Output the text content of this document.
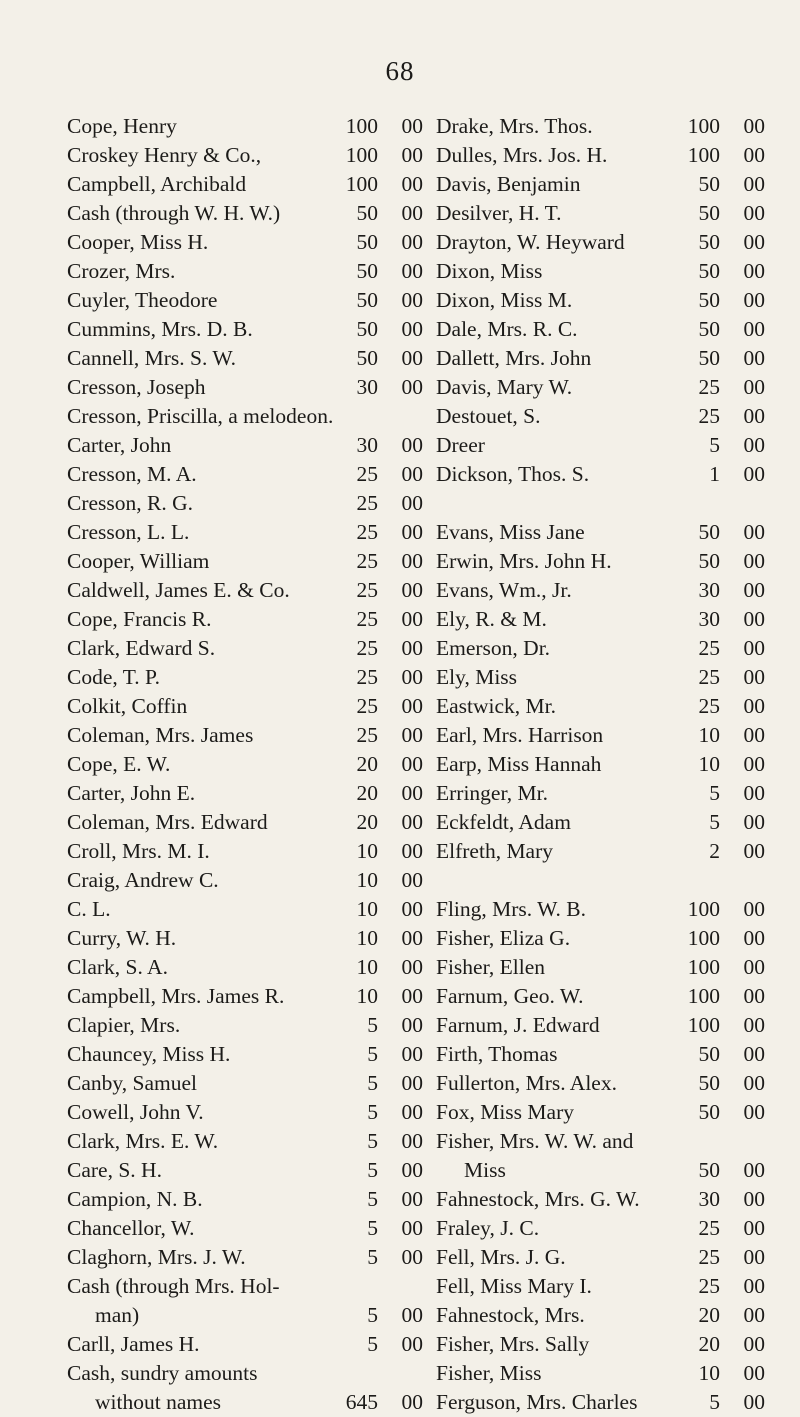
68
Cope, Henry	100	00
Croskey Henry & Co.,	100	00
Campbell, Archibald	100	00
Cash (through W. H. W.)	50	00
Cooper, Miss H.	50	00
Crozer, Mrs.	50	00
Cuyler, Theodore	50	00
Cummins, Mrs. D. B.	50	00
Cannell, Mrs. S. W.	50	00
Cresson, Joseph	30	00
Cresson, Priscilla, a melodeon.
Carter, John	30	00
Cresson, M. A.	25	00
Cresson, R. G.	25	00
Cresson, L. L.	25	00
Cooper, William	25	00
Caldwell, James E. & Co.	25	00
Cope, Francis R.	25	00
Clark, Edward S.	25	00
Code, T. P.	25	00
Colkit, Coffin	25	00
Coleman, Mrs. James	25	00
Cope, E. W.	20	00
Carter, John E.	20	00
Coleman, Mrs. Edward	20	00
Croll, Mrs. M. I.	10	00
Craig, Andrew C.	10	00
C. L.	10	00
Curry, W. H.	10	00
Clark, S. A.	10	00
Campbell, Mrs. James R.	10	00
Clapier, Mrs.	5	00
Chauncey, Miss H.	5	00
Canby, Samuel	5	00
Cowell, John V.	5	00
Clark, Mrs. E. W.	5	00
Care, S. H.	5	00
Campion, N. B.	5	00
Chancellor, W.	5	00
Claghorn, Mrs. J. W.	5	00
Cash (through Mrs. Hol-
man)	5	00
Carll, James H.	5	00
Cash, sundry amounts
without names	645	00
Drake, Mrs. Thos.	100	00
Dulles, Mrs. Jos. H.	100	00
Davis, Benjamin	50	00
Desilver, H. T.	50	00
Drayton, W. Heyward	50	00
Dixon, Miss	50	00
Dixon, Miss M.	50	00
Dale, Mrs. R. C.	50	00
Dallett, Mrs. John	50	00
Davis, Mary W.	25	00
Destouet, S.	25	00
Dreer	5	00
Dickson, Thos. S.	1	00
Evans, Miss Jane	50	00
Erwin, Mrs. John H.	50	00
Evans, Wm., Jr.	30	00
Ely, R. & M.	30	00
Emerson, Dr.	25	00
Ely, Miss	25	00
Eastwick, Mr.	25	00
Earl, Mrs. Harrison	10	00
Earp, Miss Hannah	10	00
Erringer, Mr.	5	00
Eckfeldt, Adam	5	00
Elfreth, Mary	2	00
Fling, Mrs. W. B.	100	00
Fisher, Eliza G.	100	00
Fisher, Ellen	100	00
Farnum, Geo. W.	100	00
Farnum, J. Edward	100	00
Firth, Thomas	50	00
Fullerton, Mrs. Alex.	50	00
Fox, Miss Mary	50	00
Fisher, Mrs. W. W. and
Miss	50	00
Fahnestock, Mrs. G. W.	30	00
Fraley, J. C.	25	00
Fell, Mrs. J. G.	25	00
Fell, Miss Mary I.	25	00
Fahnestock, Mrs.	20	00
Fisher, Mrs. Sally	20	00
Fisher, Miss	10	00
Ferguson, Mrs. Charles	5	00
